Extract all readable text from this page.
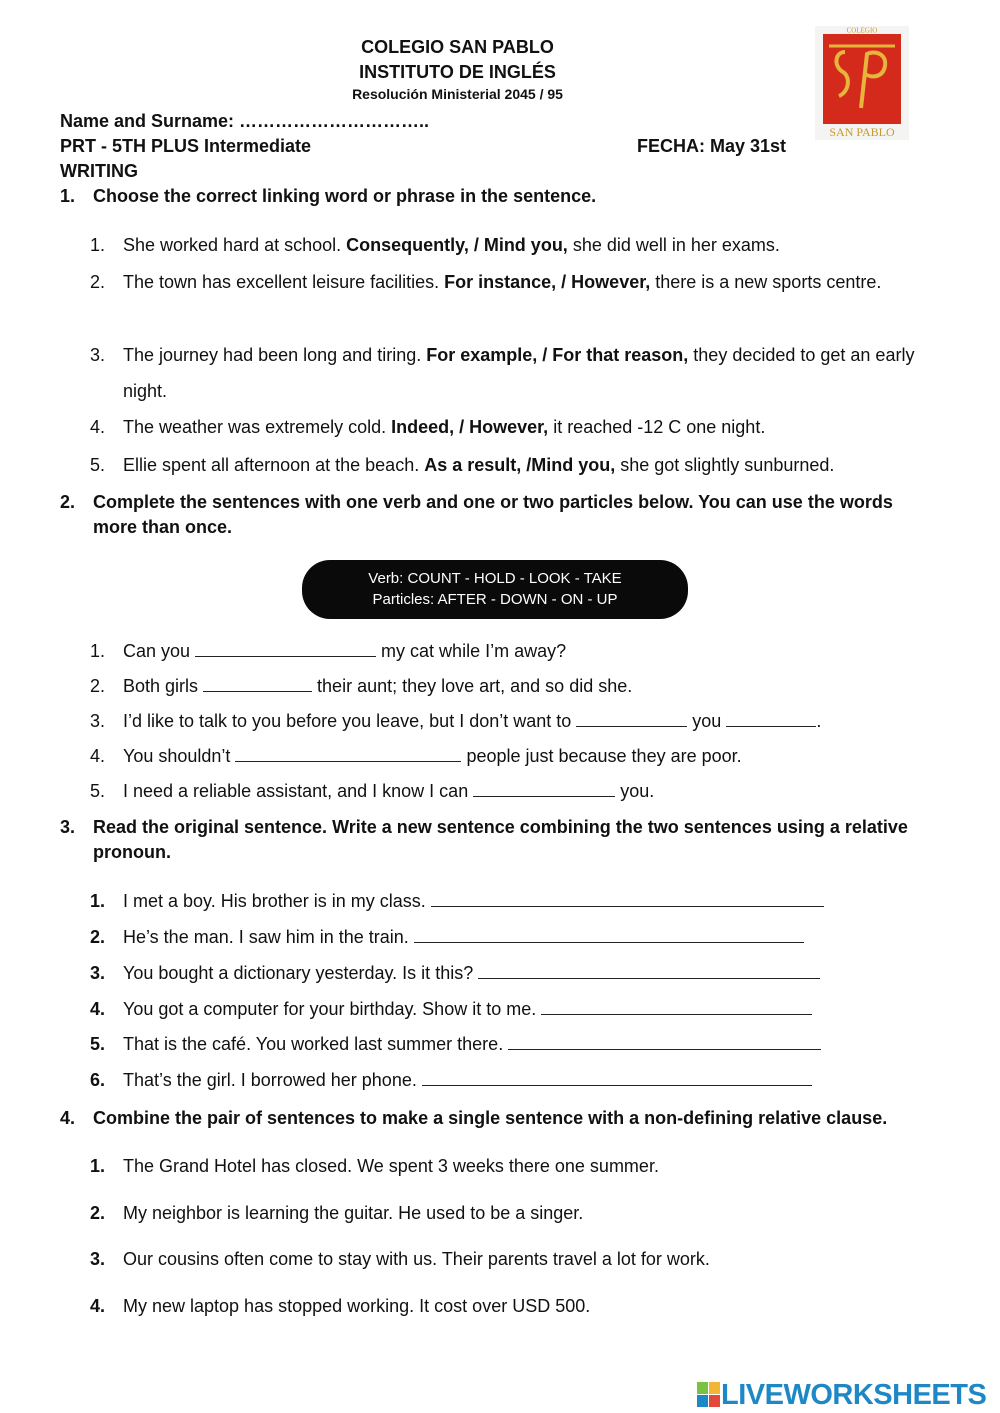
COLEGIO SAN PABLO
INSTITUTO DE INGLÉS
Resolución Ministerial 2045 / 95
COLEGIO
SAN PABLO
Name and Surname: …………………………..
PRT - 5TH PLUS Intermediate	FECHA: May 31st
WRITING
1. Choose the correct linking word or phrase in the sentence.
1. She worked hard at school. Consequently, / Mind you, she did well in her exams.
2. The town has excellent leisure facilities. For instance, / However, there is a new sports centre.
3. The journey had been long and tiring. For example, / For that reason, they decided to get an early night.
4. The weather was extremely cold. Indeed, / However, it reached -12 C one night.
5. Ellie spent all afternoon at the beach. As a result, /Mind you, she got slightly sunburned.
2. Complete the sentences with one verb and one or two particles below. You can use the words more than once.
Verb: COUNT - HOLD - LOOK - TAKE
Particles: AFTER - DOWN - ON - UP
1. Can you	my cat while I’m away?
2. Both girls	their aunt; they love art, and so did she.
3. I’d like to talk to you before you leave, but I don’t want to	you	.
4. You shouldn’t	people just because they are poor.
5. I need a reliable assistant, and I know I can	you.
3. Read the original sentence. Write a new sentence combining the two sentences using a relative pronoun.
1. I met a boy. His brother is in my class.
2. He’s the man. I saw him in the train.
3. You bought a dictionary yesterday. Is it this?
4. You got a computer for your birthday. Show it to me.
5. That is the café. You worked last summer there.
6. That’s the girl. I borrowed her phone.
4. Combine the pair of sentences to make a single sentence with a non-defining relative clause.
1. The Grand Hotel has closed. We spent 3 weeks there one summer.
2. My neighbor is learning the guitar. He used to be a singer.
3. Our cousins often come to stay with us. Their parents travel a lot for work.
4. My new laptop has stopped working. It cost over USD 500.
LIVEWORKSHEETS
